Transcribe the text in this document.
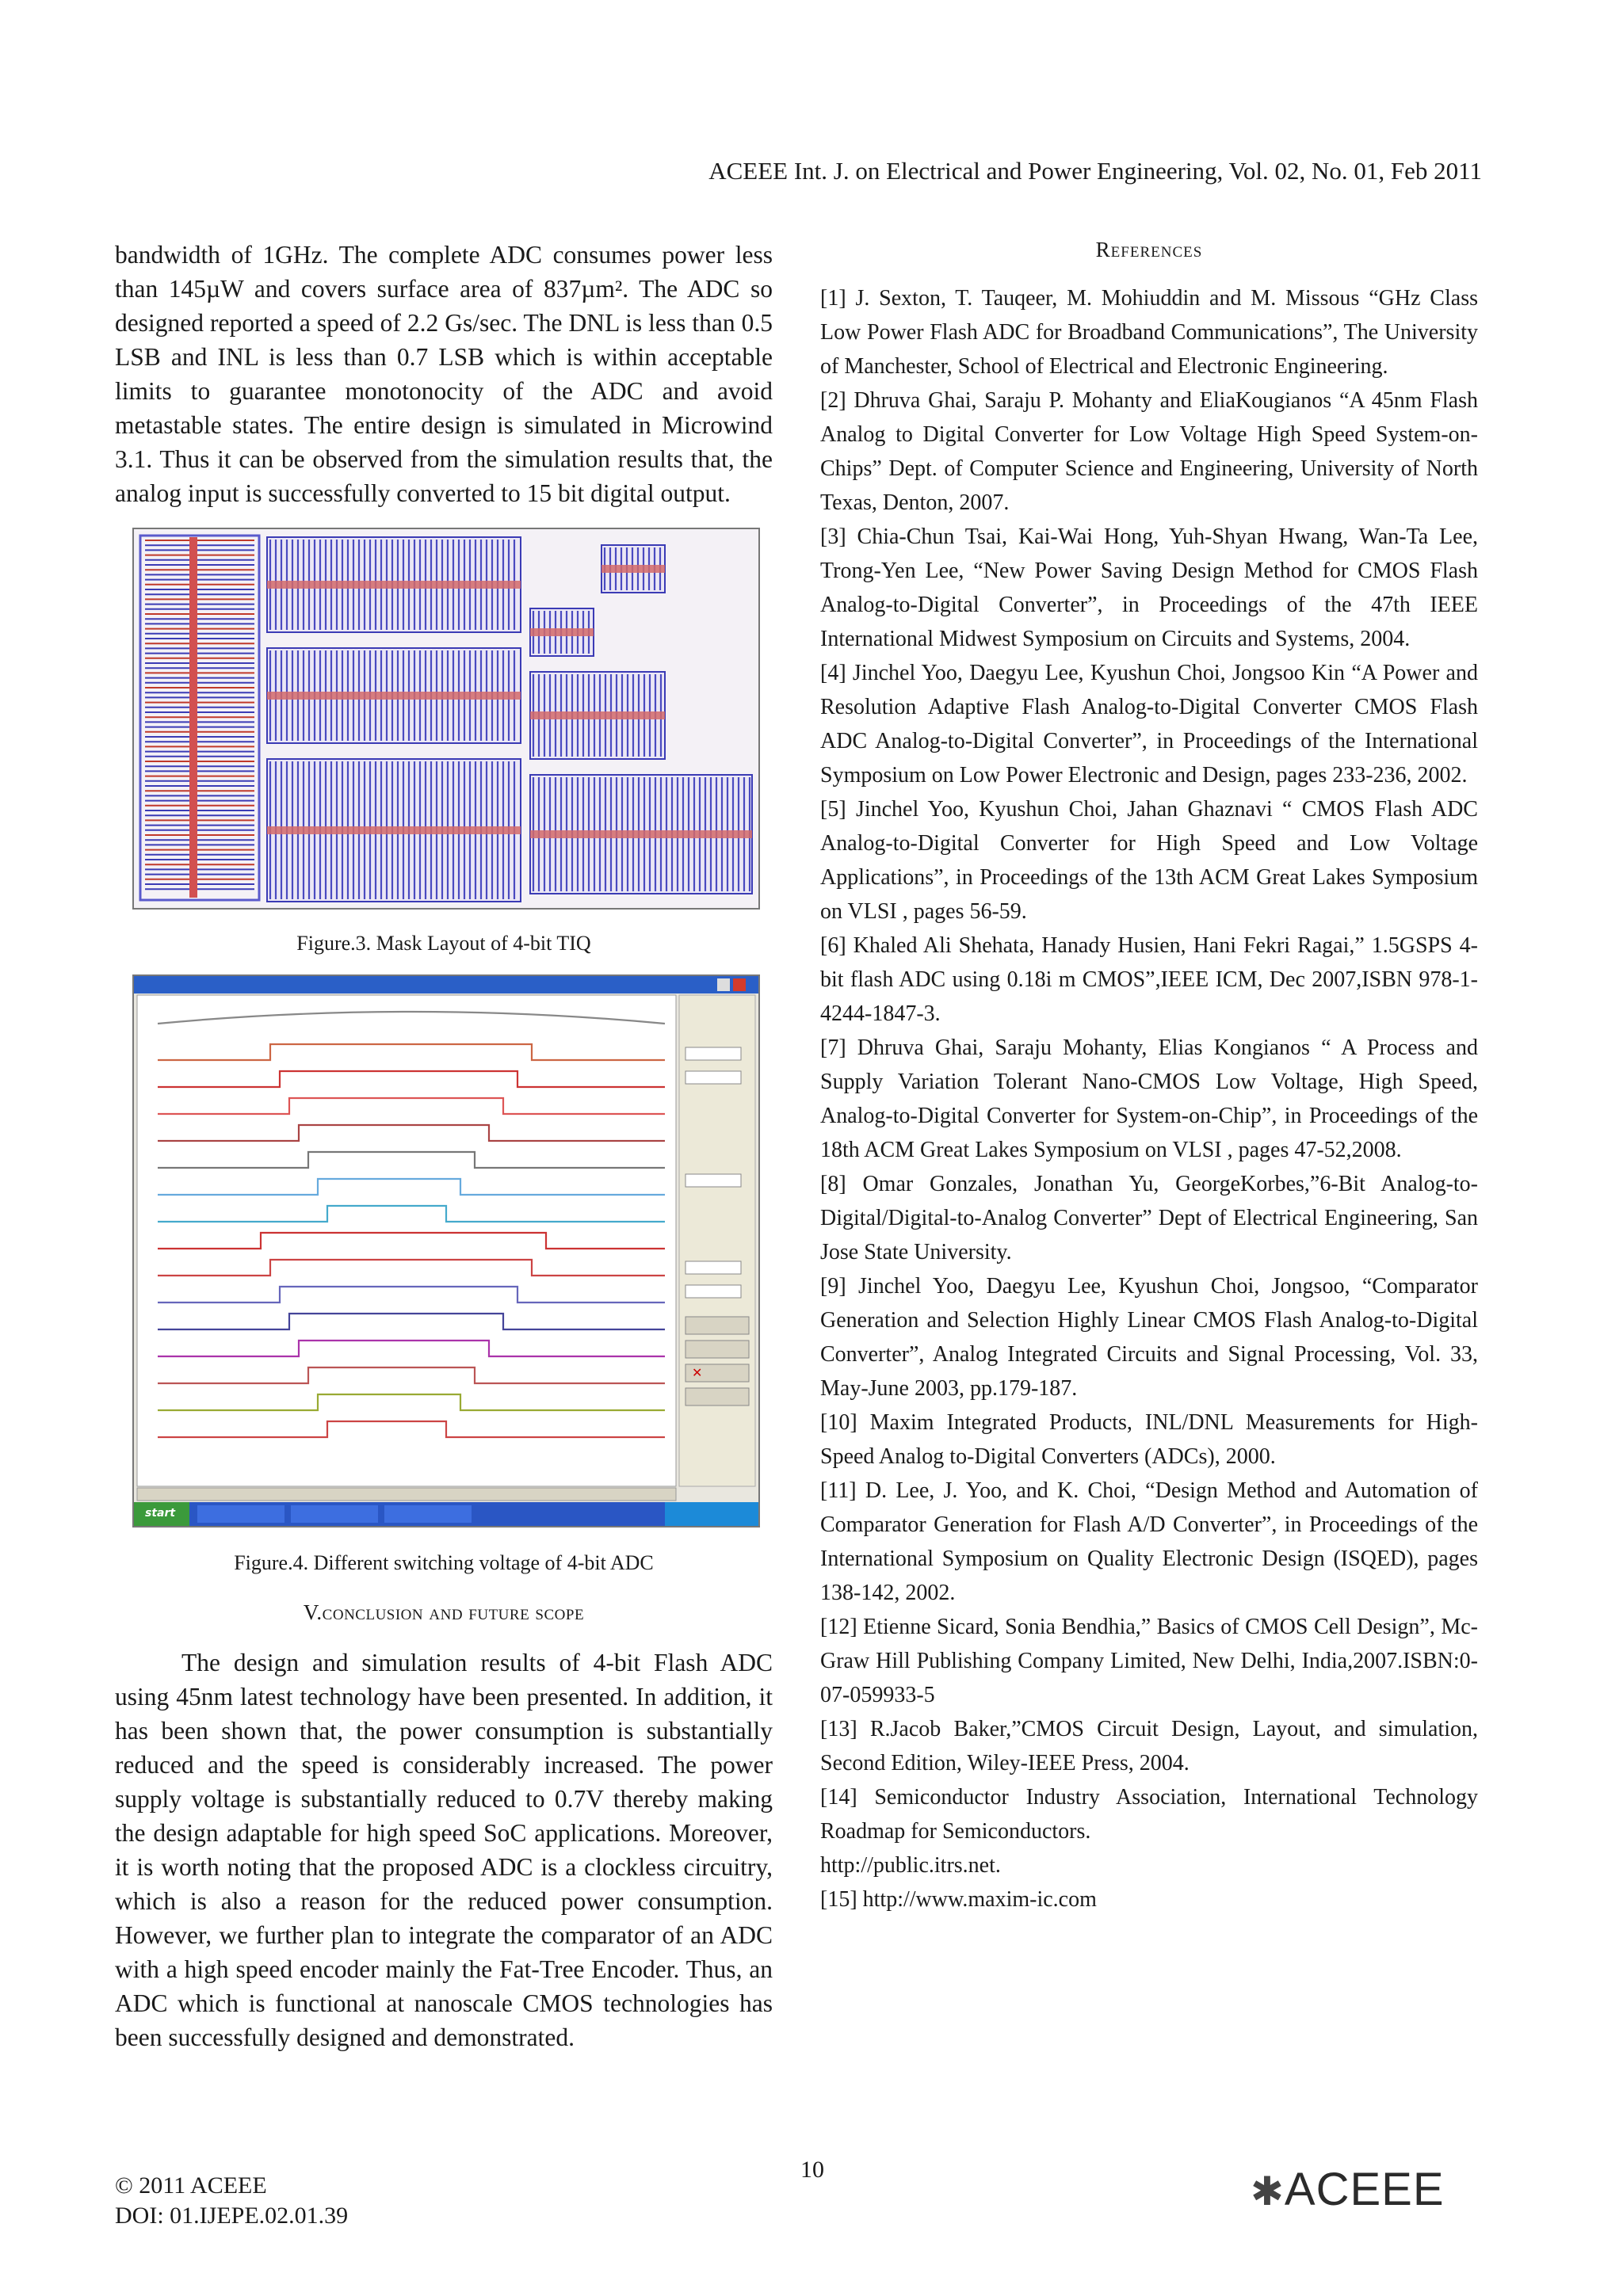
ACEEE Int. J. on Electrical and Power Engineering, Vol. 02, No. 01, Feb 2011

bandwidth of 1GHz. The complete ADC consumes power less than 145µW and covers surface area of 837µm². The ADC so designed reported a speed of 2.2 Gs/sec. The DNL is less than 0.5 LSB and INL is less than 0.7 LSB which is within acceptable limits to guarantee monotonocity of the ADC and avoid metastable states. The entire design is simulated in Microwind 3.1. Thus it can be observed from the simulation results that, the analog input is successfully converted to 15 bit digital output.

Figure.3. Mask Layout of 4-bit TIQ
✕
start
Figure.4. Different switching voltage of 4-bit ADC
V.conclusion and future scope

The design and simulation results of 4-bit Flash ADC using 45nm latest technology have been presented. In addition, it has been shown that, the power consumption is substantially reduced and the speed is considerably increased. The power supply voltage is substantially reduced to 0.7V thereby making the design adaptable for high speed SoC applications. Moreover, it is worth noting that the proposed ADC is a clockless circuitry, which is also a reason for the reduced power consumption. However, we further plan to integrate the comparator of an ADC with a high speed encoder mainly the Fat-Tree Encoder. Thus, an ADC which is functional at nanoscale CMOS technologies has been successfully designed and demonstrated.

References

[1] J. Sexton, T. Tauqeer, M. Mohiuddin and M. Missous “GHz Class Low Power Flash ADC for Broadband Communications”, The University of Manchester, School of Electrical and Electronic Engineering.

[2] Dhruva Ghai, Saraju P. Mohanty and EliaKougianos “A 45nm Flash Analog to Digital Converter for Low Voltage High Speed System-on-Chips” Dept. of Computer Science and Engineering, University of North Texas, Denton, 2007.

[3] Chia-Chun Tsai, Kai-Wai Hong, Yuh-Shyan Hwang, Wan-Ta Lee, Trong-Yen Lee, “New Power Saving Design Method for CMOS Flash Analog-to-Digital Converter”, in Proceedings of the 47th IEEE International Midwest Symposium on Circuits and Systems, 2004.

[4] Jinchel Yoo, Daegyu Lee, Kyushun Choi, Jongsoo Kin “A Power and Resolution Adaptive Flash Analog-to-Digital Converter CMOS Flash ADC Analog-to-Digital Converter”, in Proceedings of the International Symposium on Low Power Electronic and Design, pages 233-236, 2002.

[5] Jinchel Yoo, Kyushun Choi, Jahan Ghaznavi “ CMOS Flash ADC Analog-to-Digital Converter for High Speed and Low Voltage Applications”, in Proceedings of the 13th ACM Great Lakes Symposium on VLSI , pages 56-59.

[6] Khaled Ali Shehata, Hanady Husien, Hani Fekri Ragai,” 1.5GSPS 4-bit flash ADC using 0.18i m CMOS”,IEEE ICM, Dec 2007,ISBN 978-1-4244-1847-3.

[7] Dhruva Ghai, Saraju Mohanty, Elias Kongianos “ A Process and Supply Variation Tolerant Nano-CMOS Low Voltage, High Speed, Analog-to-Digital Converter for System-on-Chip”, in Proceedings of the 18th ACM Great Lakes Symposium on VLSI , pages 47-52,2008.

[8] Omar Gonzales, Jonathan Yu, GeorgeKorbes,”6-Bit Analog-to-Digital/Digital-to-Analog Converter” Dept of Electrical Engineering, San Jose State University.

[9] Jinchel Yoo, Daegyu Lee, Kyushun Choi, Jongsoo, “Comparator Generation and Selection Highly Linear CMOS Flash Analog-to-Digital Converter”, Analog Integrated Circuits and Signal Processing, Vol. 33, May-June 2003, pp.179-187.

[10] Maxim Integrated Products, INL/DNL Measurements for High-Speed Analog to-Digital Converters (ADCs), 2000.

[11] D. Lee, J. Yoo, and K. Choi, “Design Method and Automation of Comparator Generation for Flash A/D Converter”, in Proceedings of the International Symposium on Quality Electronic Design (ISQED), pages 138-142, 2002.

[12] Etienne Sicard, Sonia Bendhia,” Basics of CMOS Cell Design”, Mc-Graw Hill Publishing Company Limited, New Delhi, India,2007.ISBN:0-07-059933-5

[13] R.Jacob Baker,”CMOS Circuit Design, Layout, and simulation, Second Edition, Wiley-IEEE Press, 2004.

[14] Semiconductor Industry Association, International Technology Roadmap for Semiconductors.

http://public.itrs.net.

[15] http://www.maxim-ic.com

© 2011 ACEEE
DOI: 01.IJEPE.02.01.39
10	✱ACEEE
